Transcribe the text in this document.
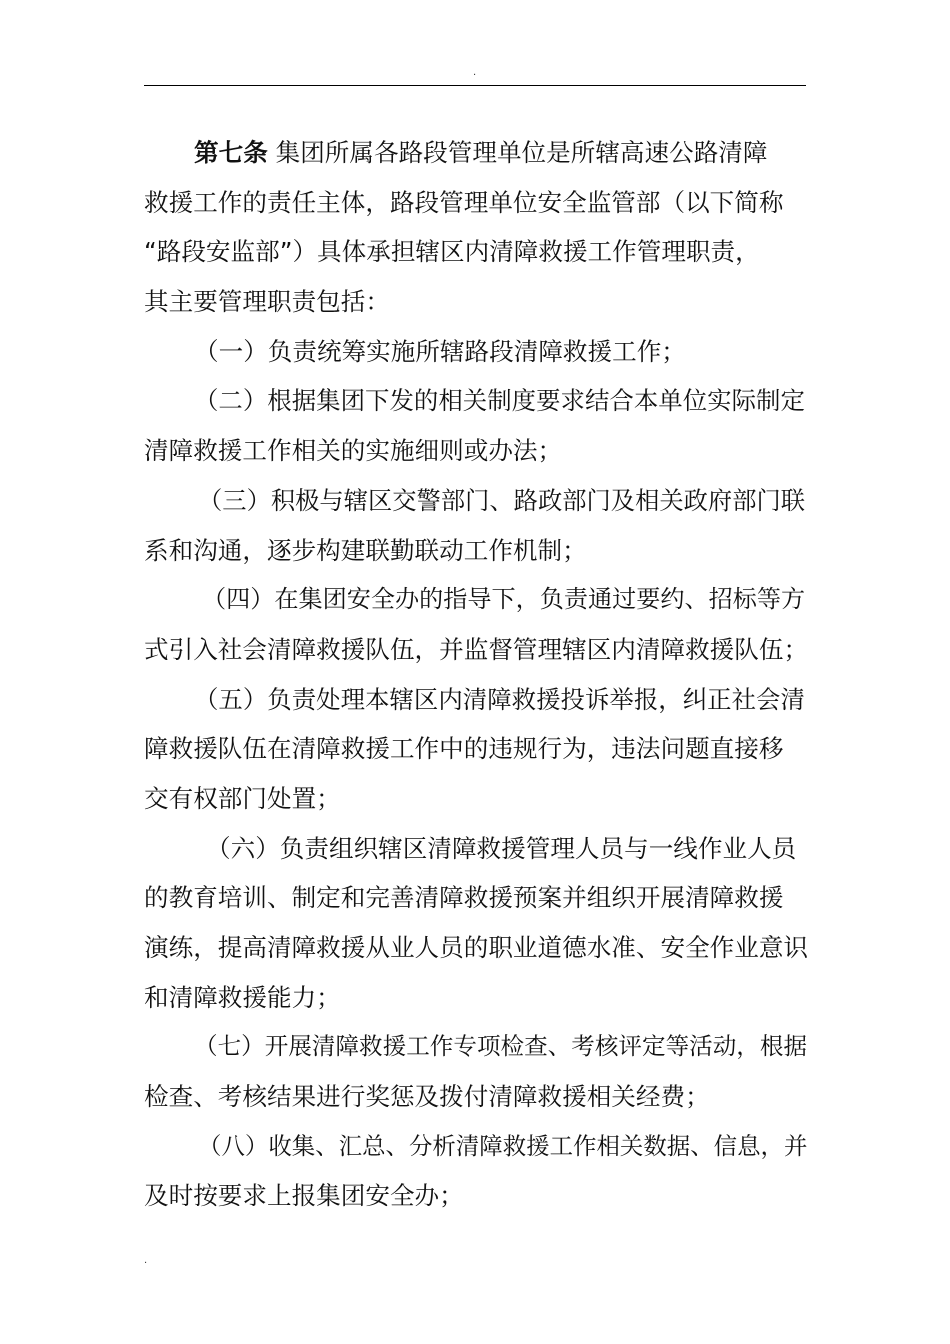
.
第七条 集团所属各路段管理单位是所辖高速公路清障
救援工作的责任主体，路段管理单位安全监管部（以下简称
“路段安监部”）具体承担辖区内清障救援工作管理职责，
其主要管理职责包括：
（一）负责统筹实施所辖路段清障救援工作；
（二）根据集团下发的相关制度要求结合本单位实际制定
清障救援工作相关的实施细则或办法；
（三）积极与辖区交警部门、路政部门及相关政府部门联
系和沟通，逐步构建联勤联动工作机制；
（四）在集团安全办的指导下，负责通过要约、招标等方
式引入社会清障救援队伍，并监督管理辖区内清障救援队伍；
（五）负责处理本辖区内清障救援投诉举报，纠正社会清
障救援队伍在清障救援工作中的违规行为，违法问题直接移
交有权部门处置；
（六）负责组织辖区清障救援管理人员与一线作业人员
的教育培训、制定和完善清障救援预案并组织开展清障救援
演练，提高清障救援从业人员的职业道德水准、安全作业意识
和清障救援能力；
（七）开展清障救援工作专项检查、考核评定等活动，根据
检查、考核结果进行奖惩及拨付清障救援相关经费；
（八）收集、汇总、分析清障救援工作相关数据、信息，并
及时按要求上报集团安全办；
.
